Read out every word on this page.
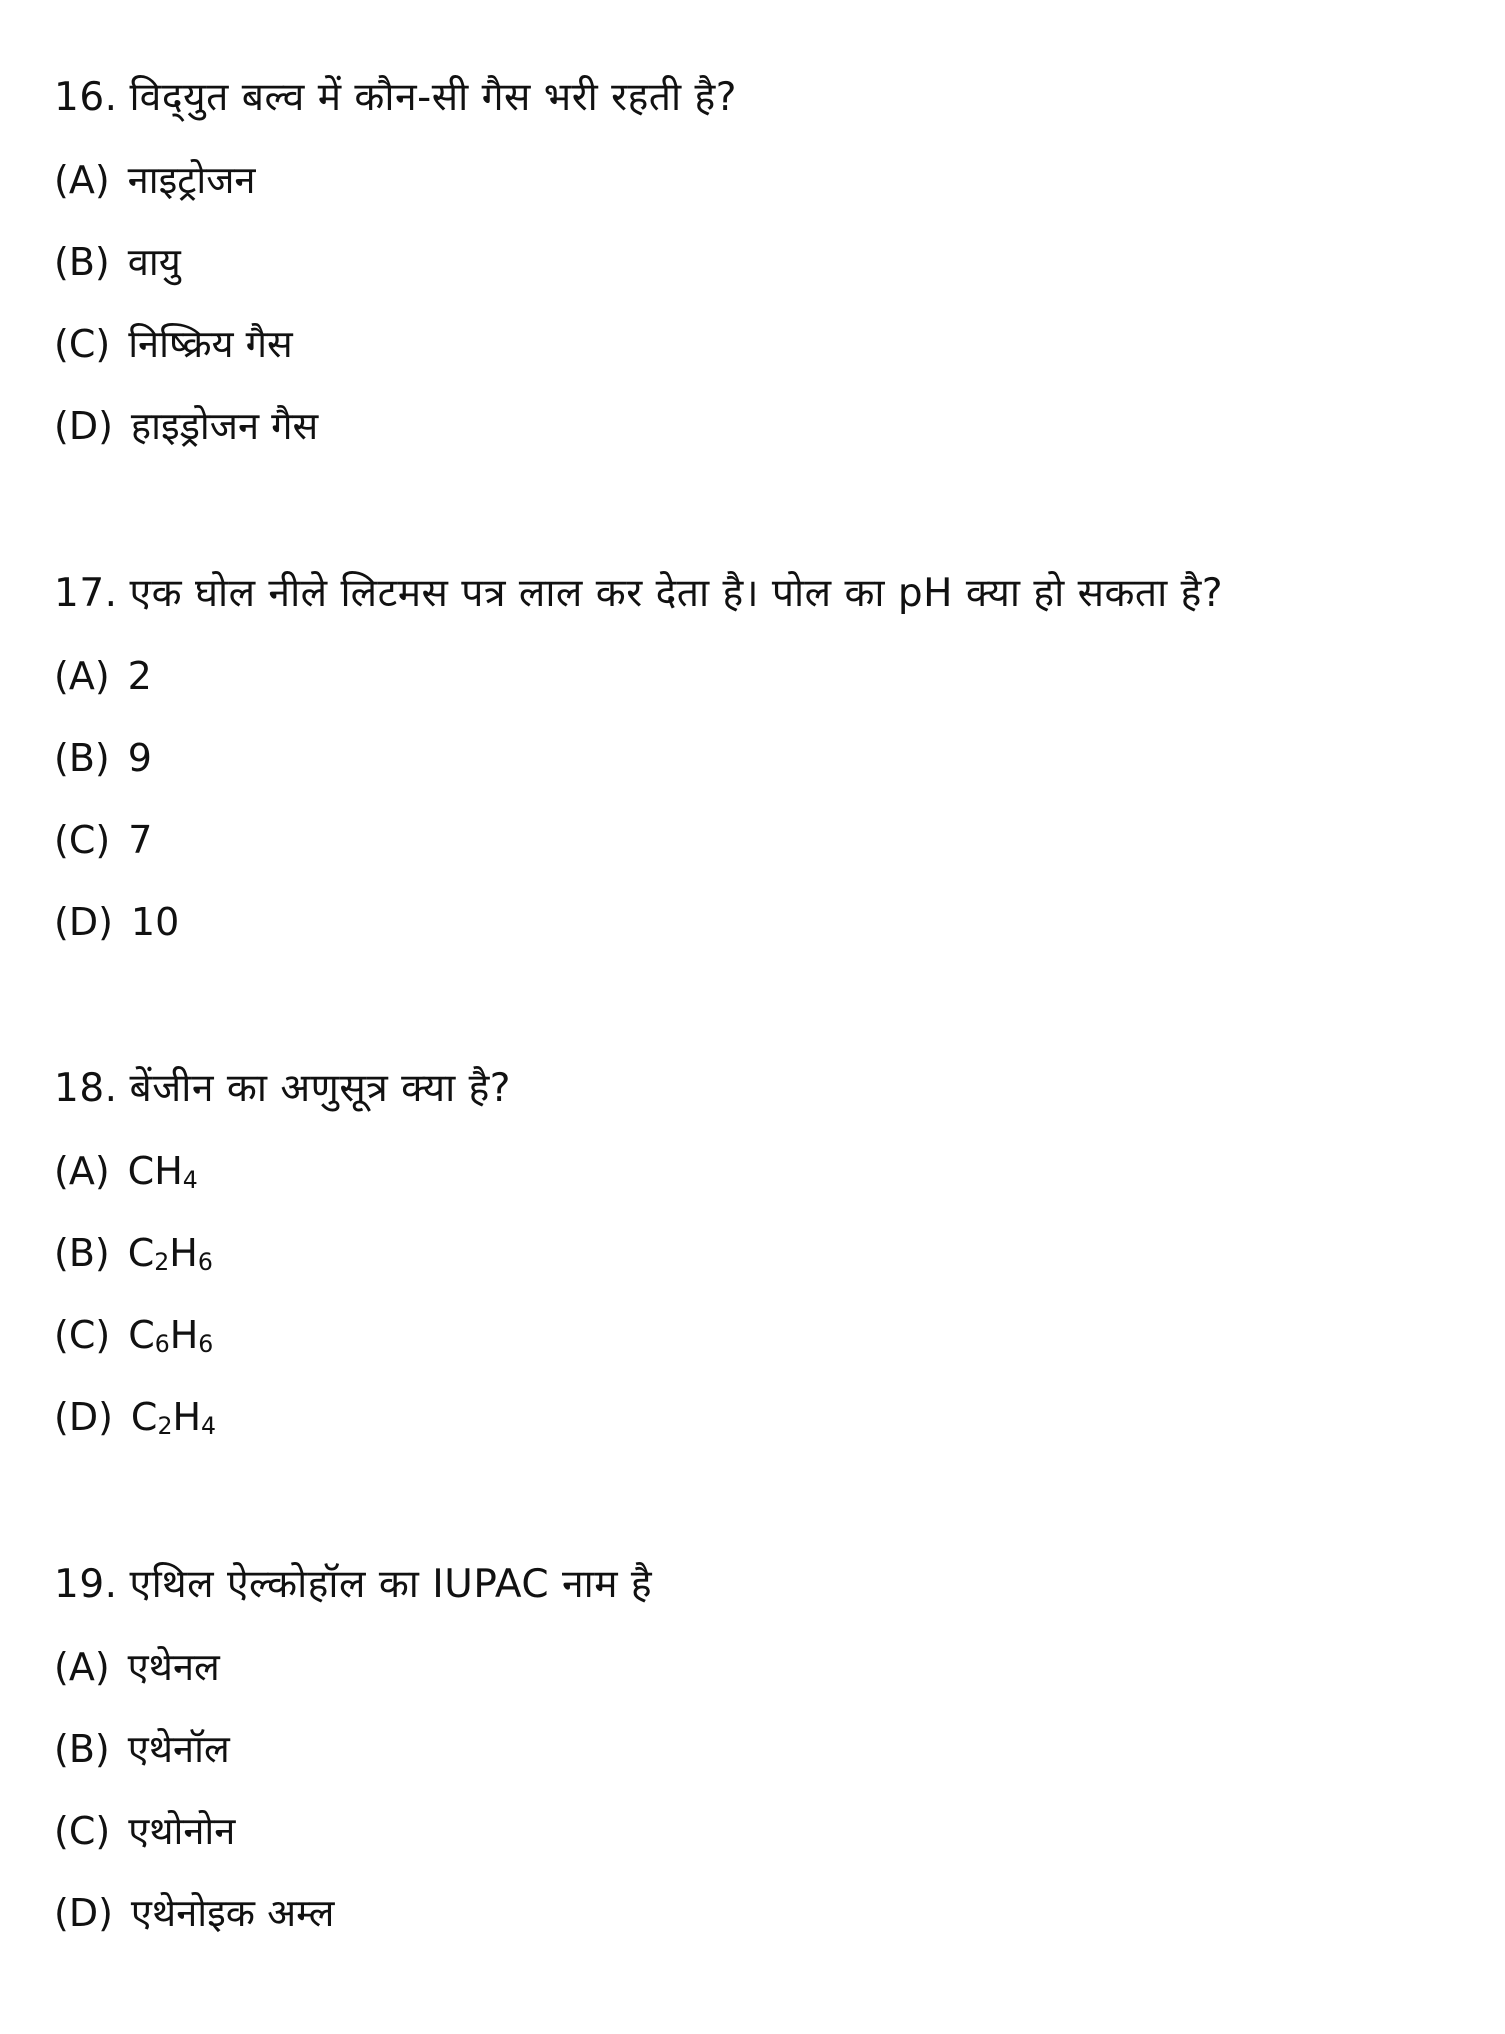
16. विद्‌युत बल्व में कौन-सी गैस भरी रहती है?
(A) नाइट्रोजन
(B) वायु
(C) निष्क्रिय गैस
(D) हाइड्रोजन गैस
17. एक घोल नीले लिटमस पत्र लाल कर देता है। पोल का pH क्या हो सकता है?
(A) 2
(B) 9
(C) 7
(D) 10
18. बेंजीन का अणुसूत्र क्या है?
(A) $CH_4$
(B) $C_2H_6$
(C) $C_6H_6$
(D) $C_2H_4$
19. एथिल ऐल्कोहॉल का IUPAC नाम है
(A) एथेनल
(B) एथेनॉल
(C) एथोनोन
(D) एथेनोइक अम्ल
